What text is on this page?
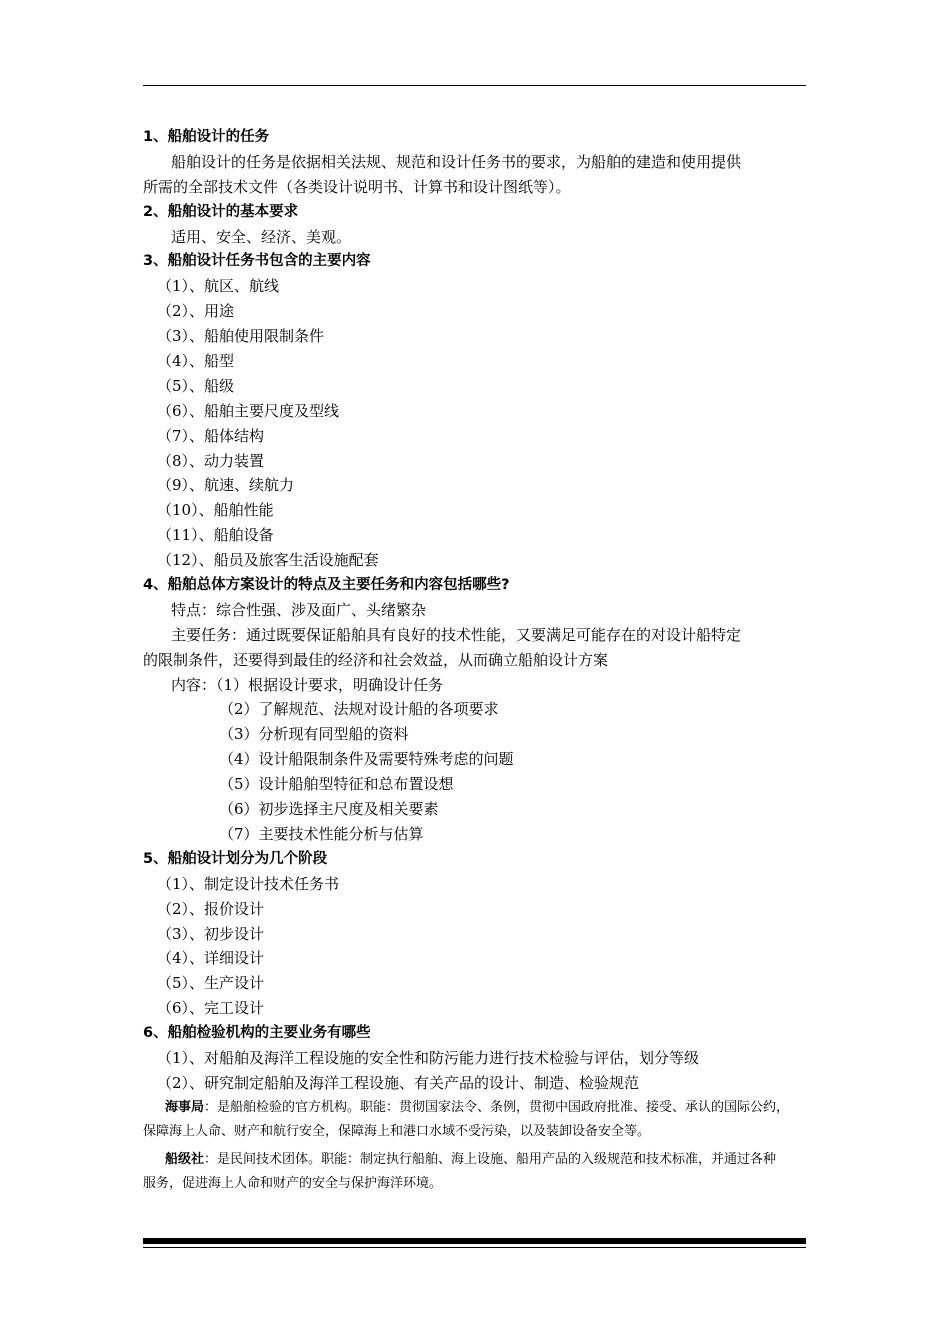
1、船舶设计的任务
船舶设计的任务是依据相关法规、规范和设计任务书的要求，为船舶的建造和使用提供
所需的全部技术文件（各类设计说明书、计算书和设计图纸等）。
2、船舶设计的基本要求
适用、安全、经济、美观。
3、船舶设计任务书包含的主要内容
（1）、航区、航线
（2）、用途
（3）、船舶使用限制条件
（4）、船型
（5）、船级
（6）、船舶主要尺度及型线
（7）、船体结构
（8）、动力装置
（9）、航速、续航力
（10）、船舶性能
（11）、船舶设备
（12）、船员及旅客生活设施配套
4、船舶总体方案设计的特点及主要任务和内容包括哪些?
特点：综合性强、涉及面广、头绪繁杂
主要任务：通过既要保证船舶具有良好的技术性能，又要满足可能存在的对设计船特定
的限制条件，还要得到最佳的经济和社会效益，从而确立船舶设计方案
内容：（1）根据设计要求，明确设计任务
（2）了解规范、法规对设计船的各项要求
（3）分析现有同型船的资料
（4）设计船限制条件及需要特殊考虑的问题
（5）设计船舶型特征和总布置设想
（6）初步选择主尺度及相关要素
（7）主要技术性能分析与估算
5、船舶设计划分为几个阶段
（1）、制定设计技术任务书
（2）、报价设计
（3）、初步设计
（4）、详细设计
（5）、生产设计
（6）、完工设计
6、船舶检验机构的主要业务有哪些
（1）、对船舶及海洋工程设施的安全性和防污能力进行技术检验与评估，划分等级
（2）、研究制定船舶及海洋工程设施、有关产品的设计、制造、检验规范
海事局：是船舶检验的官方机构。职能：贯彻国家法令、条例，贯彻中国政府批准、接受、承认的国际公约，
保障海上人命、财产和航行安全，保障海上和港口水域不受污染，以及装卸设备安全等。
船级社：是民间技术团体。职能：制定执行船舶、海上设施、船用产品的入级规范和技术标准，并通过各种
服务，促进海上人命和财产的安全与保护海洋环境。
